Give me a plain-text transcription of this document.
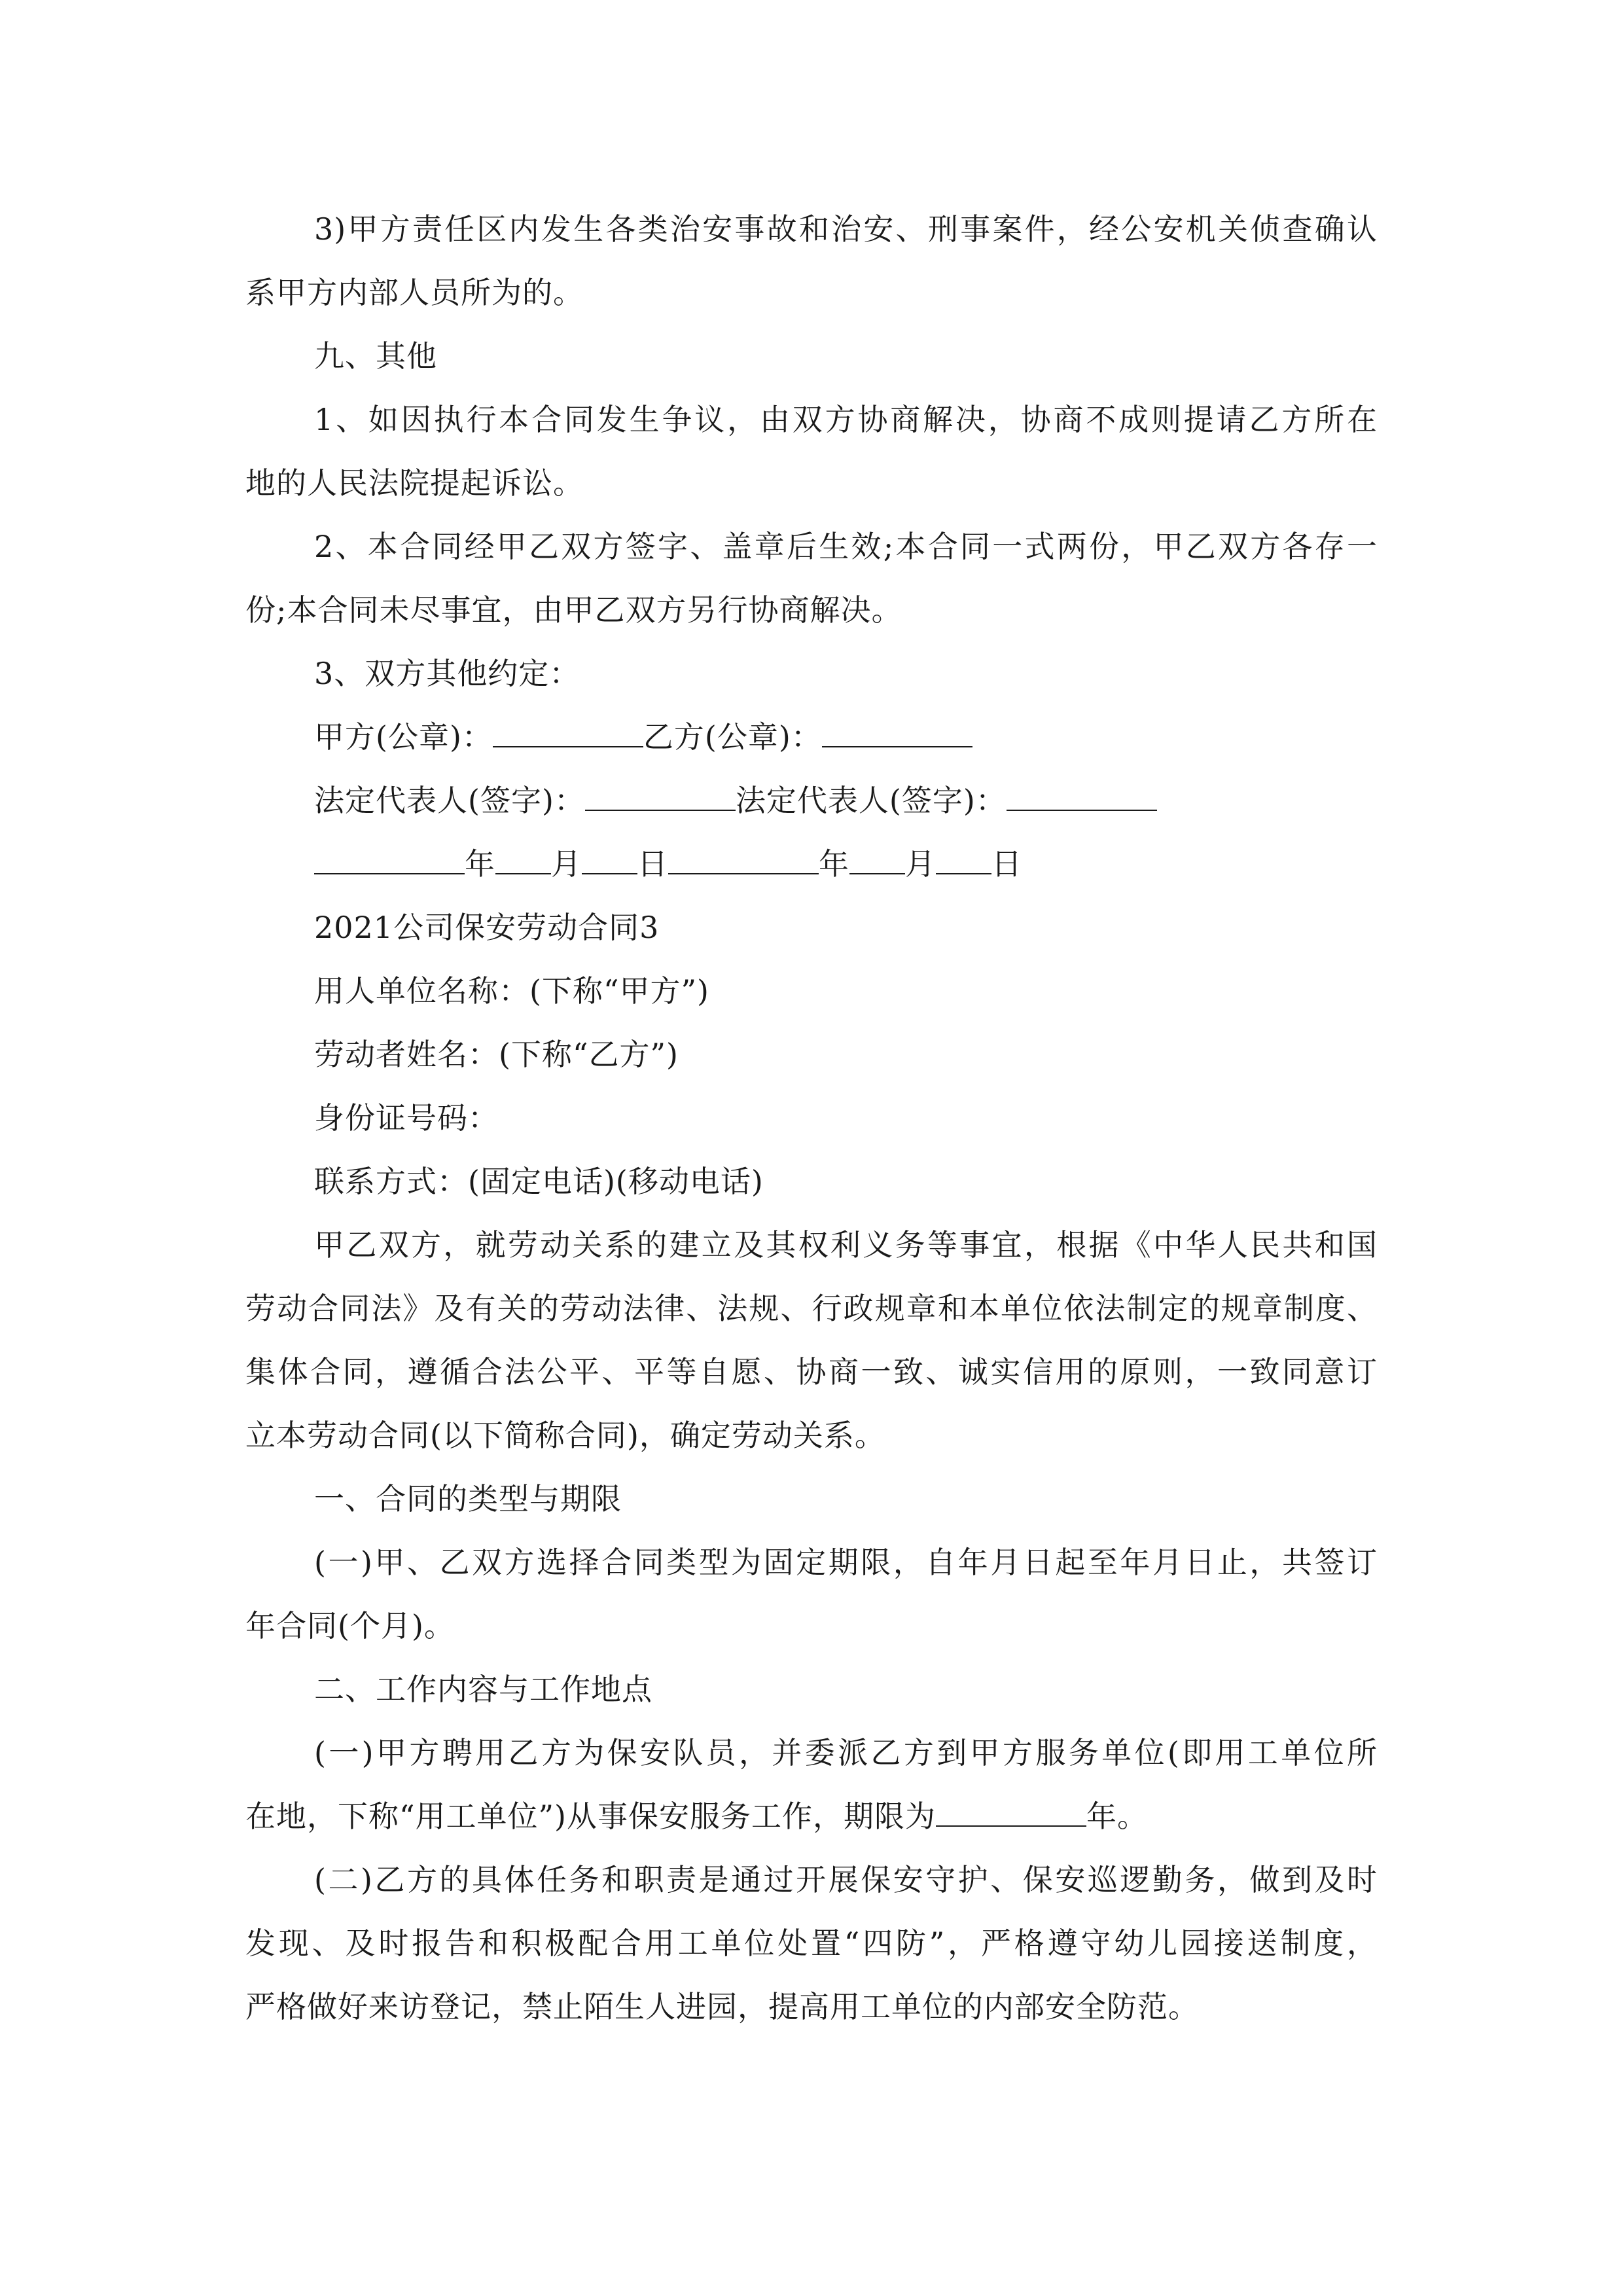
3)甲方责任区内发生各类治安事故和治安、刑事案件，经公安机关侦查确认
系甲方内部人员所为的。
九、其他
1、如因执行本合同发生争议，由双方协商解决，协商不成则提请乙方所在
地的人民法院提起诉讼。
2、本合同经甲乙双方签字、盖章后生效;本合同一式两份，甲乙双方各存一
份;本合同未尽事宜，由甲乙双方另行协商解决。
3、双方其他约定：
甲方(公章)：	乙方(公章)：
法定代表人(签字)：	法定代表人(签字)：
年 月 日	年 月 日
2021公司保安劳动合同3
用人单位名称：(下称“甲方”)
劳动者姓名：(下称“乙方”)
身份证号码：
联系方式：(固定电话)(移动电话)
甲乙双方，就劳动关系的建立及其权利义务等事宜，根据《中华人民共和国
劳动合同法》及有关的劳动法律、法规、行政规章和本单位依法制定的规章制度、
集体合同，遵循合法公平、平等自愿、协商一致、诚实信用的原则，一致同意订
立本劳动合同(以下简称合同)，确定劳动关系。
一、合同的类型与期限
(一)甲、乙双方选择合同类型为固定期限，自年月日起至年月日止，共签订
年合同(个月)。
二、工作内容与工作地点
(一)甲方聘用乙方为保安队员，并委派乙方到甲方服务单位(即用工单位所
在地，下称“用工单位”)从事保安服务工作，期限为	年。
(二)乙方的具体任务和职责是通过开展保安守护、保安巡逻勤务，做到及时
发现、及时报告和积极配合用工单位处置“四防”，严格遵守幼儿园接送制度，
严格做好来访登记，禁止陌生人进园，提高用工单位的内部安全防范。
